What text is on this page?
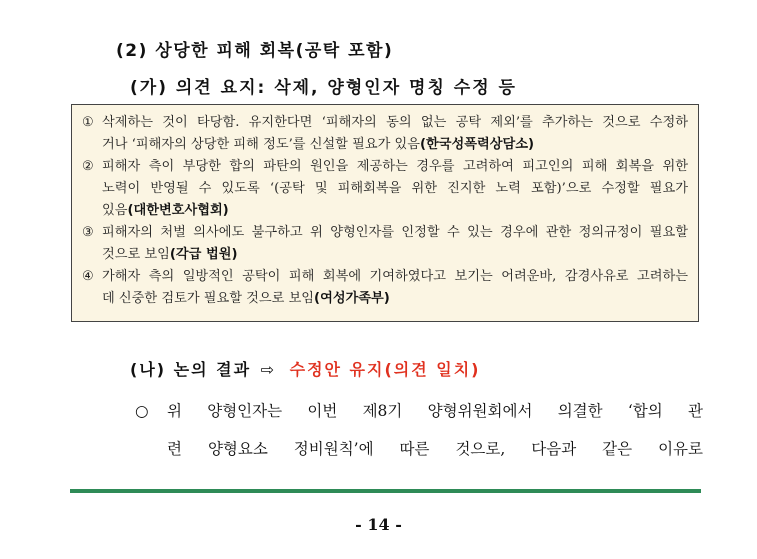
(2) 상당한 피해 회복(공탁 포함)
(가) 의견 요지: 삭제, 양형인자 명칭 수정 등
① 삭제하는 것이 타당함. 유지한다면 ‘피해자의 동의 없는 공탁 제외’를 추가하는 것으로 수정하
거나 ‘피해자의 상당한 피해 정도’를 신설할 필요가 있음(한국성폭력상담소)
② 피해자 측이 부당한 합의 파탄의 원인을 제공하는 경우를 고려하여 피고인의 피해 회복을 위한
노력이 반영될 수 있도록 ‘(공탁 및 피해회복을 위한 진지한 노력 포함)’으로 수정할 필요가
있음(대한변호사협회)
③ 피해자의 처벌 의사에도 불구하고 위 양형인자를 인정할 수 있는 경우에 관한 정의규정이 필요할
것으로 보임(각급 법원)
④ 가해자 측의 일방적인 공탁이 피해 회복에 기여하였다고 보기는 어려운바, 감경사유로 고려하는
데 신중한 검토가 필요할 것으로 보임(여성가족부)
(나) 논의 결과 ⇨ 수정안 유지(의견 일치)
○	위 양형인자는 이번 제8기 양형위원회에서 의결한 ‘합의 관
련 양형요소 정비원칙’에 따른 것으로, 다음과 같은 이유로
- 14 -
